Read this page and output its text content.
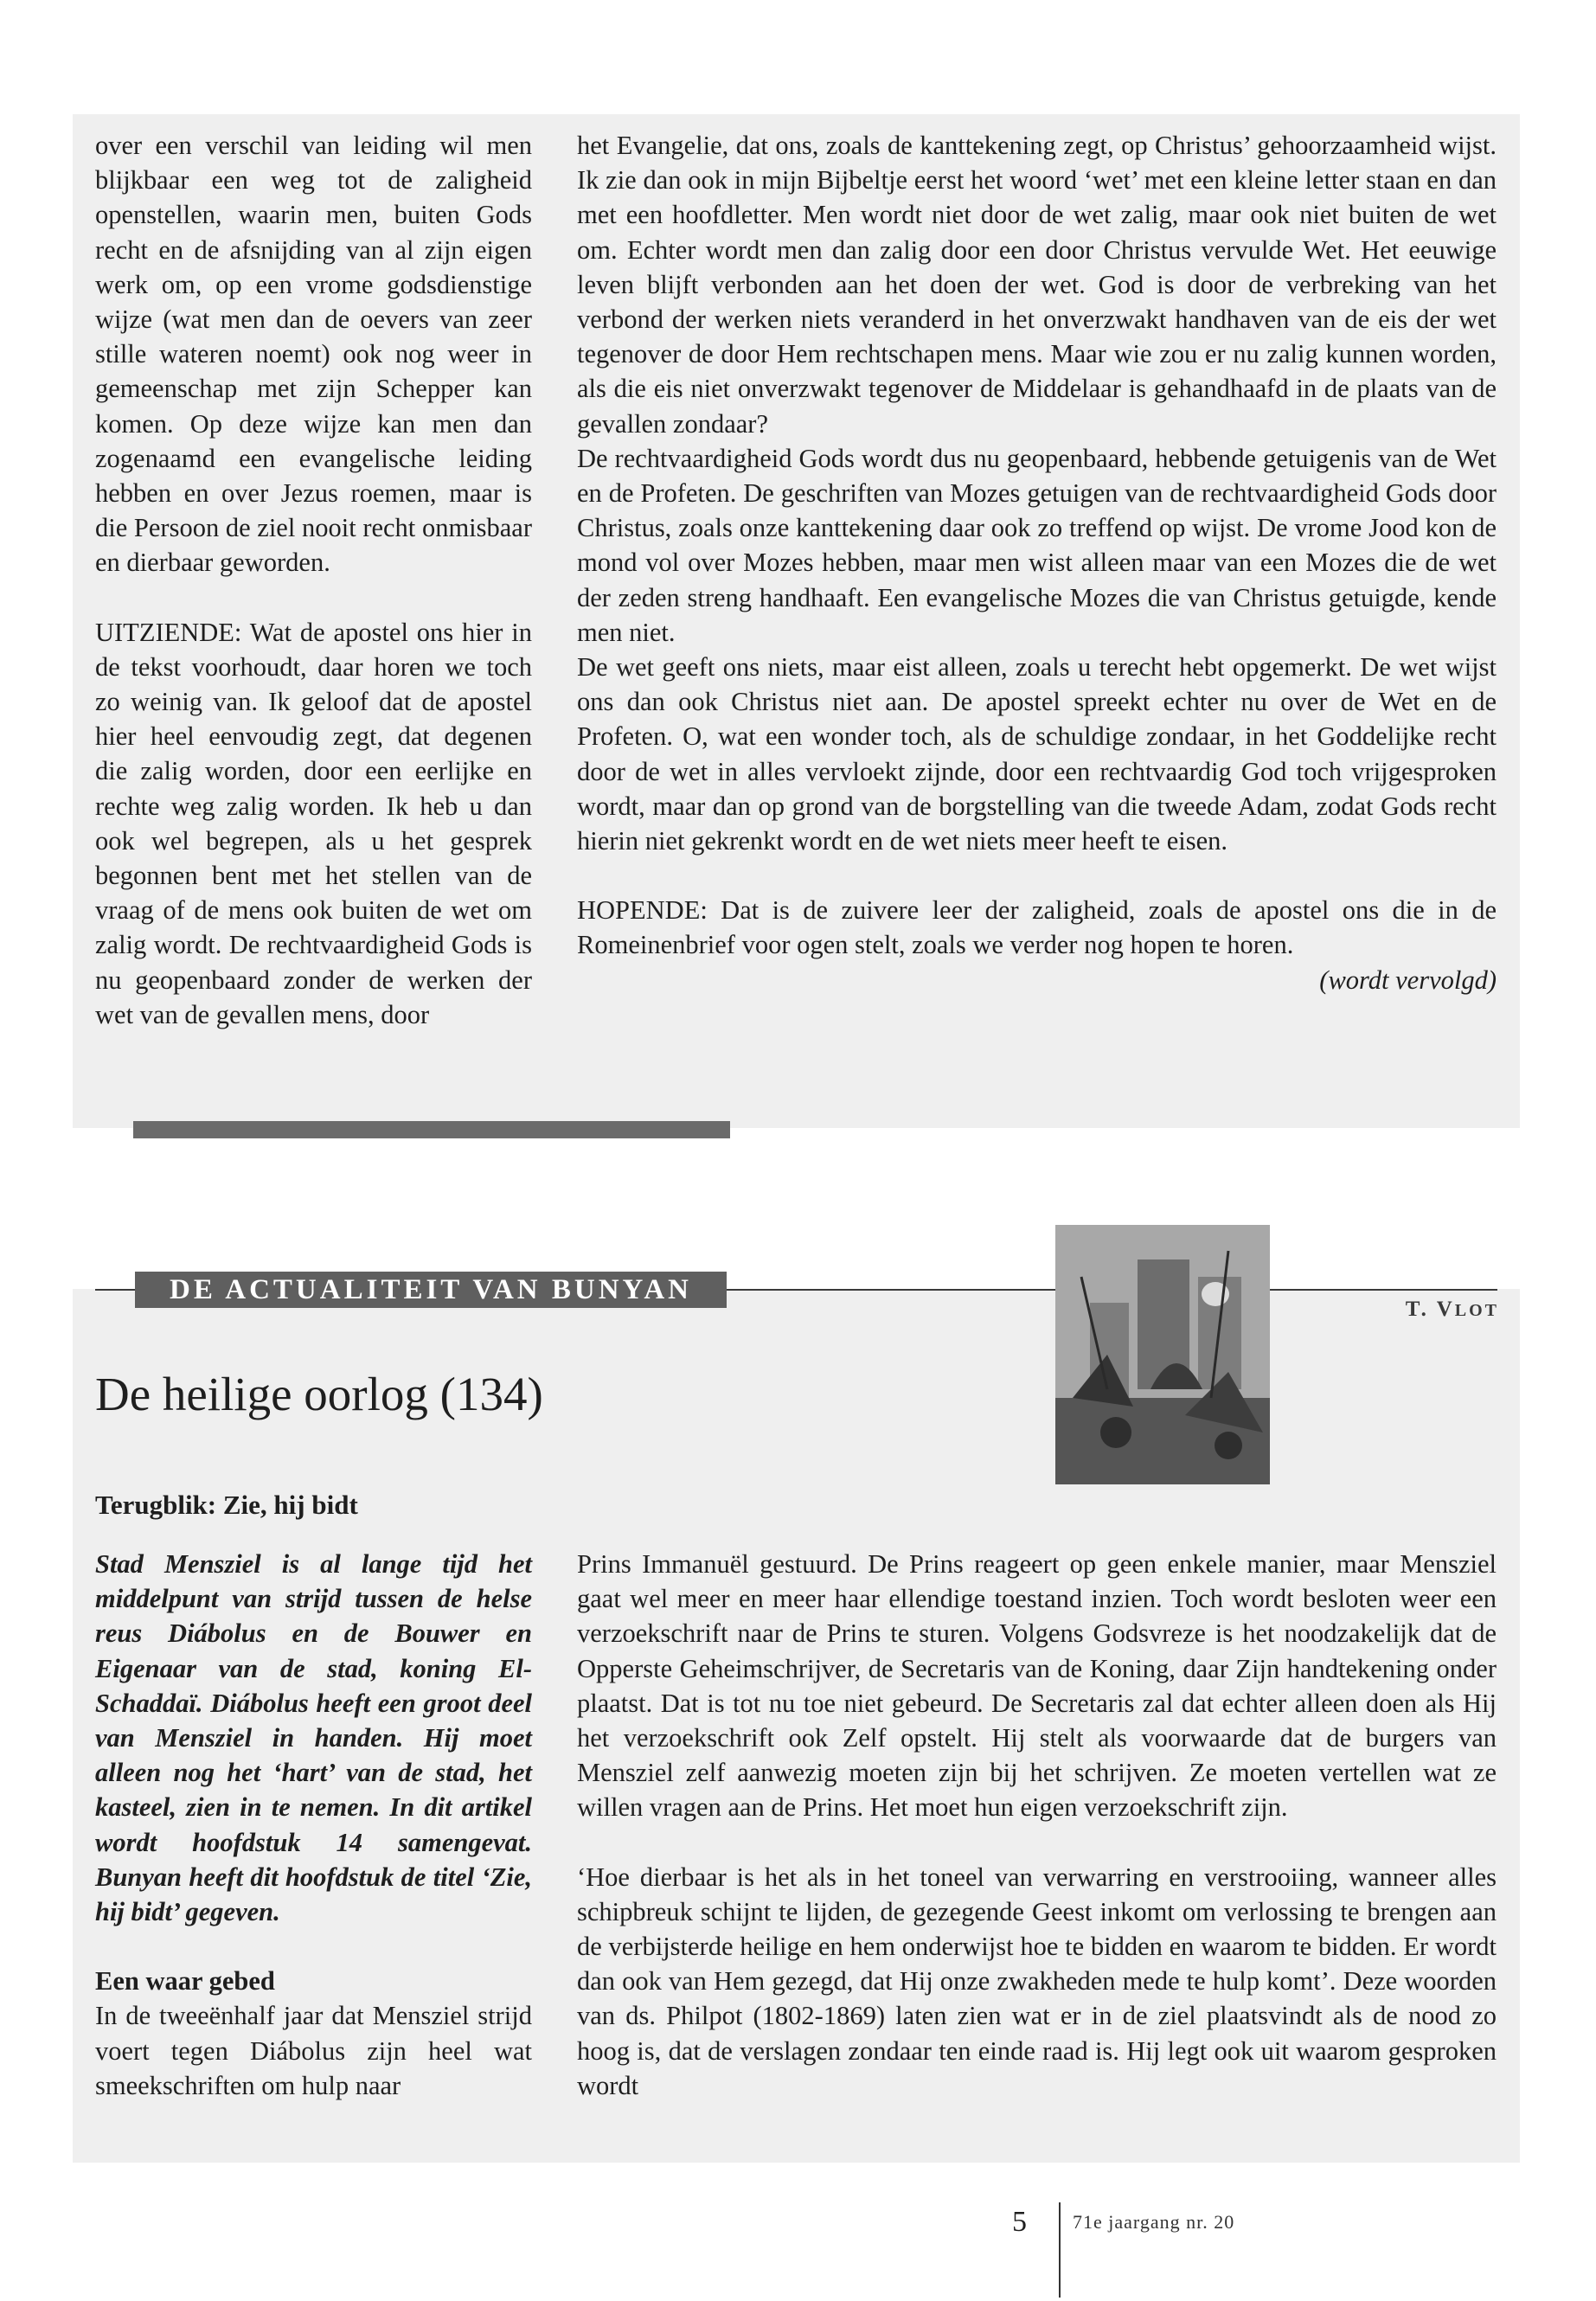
over een verschil van leiding wil men blijkbaar een weg tot de zaligheid openstellen, waarin men, buiten Gods recht en de afsnijding van al zijn eigen werk om, op een vrome godsdienstige wijze (wat men dan de oevers van zeer stille wateren noemt) ook nog weer in gemeenschap met zijn Schepper kan komen. Op deze wijze kan men dan zogenaamd een evangelische leiding hebben en over Jezus roemen, maar is die Persoon de ziel nooit recht onmisbaar en dierbaar geworden.

UITZIENDE: Wat de apostel ons hier in de tekst voorhoudt, daar horen we toch zo weinig van. Ik geloof dat de apostel hier heel eenvoudig zegt, dat degenen die zalig worden, door een eerlijke en rechte weg zalig worden. Ik heb u dan ook wel begrepen, als u het gesprek begonnen bent met het stellen van de vraag of de mens ook buiten de wet om zalig wordt. De rechtvaardigheid Gods is nu geopenbaard zonder de werken der wet van de gevallen mens, door

het Evangelie, dat ons, zoals de kanttekening zegt, op Christus’ gehoorzaamheid wijst. Ik zie dan ook in mijn Bijbeltje eerst het woord ‘wet’ met een kleine letter staan en dan met een hoofdletter. Men wordt niet door de wet zalig, maar ook niet buiten de wet om. Echter wordt men dan zalig door een door Christus vervulde Wet. Het eeuwige leven blijft verbonden aan het doen der wet. God is door de verbreking van het verbond der werken niets veranderd in het onverzwakt handhaven van de eis der wet tegenover de door Hem rechtschapen mens. Maar wie zou er nu zalig kunnen worden, als die eis niet onverzwakt tegenover de Middelaar is gehandhaafd in de plaats van de gevallen zondaar?

De rechtvaardigheid Gods wordt dus nu geopenbaard, hebbende getuigenis van de Wet en de Profeten. De geschriften van Mozes getuigen van de rechtvaardigheid Gods door Christus, zoals onze kanttekening daar ook zo treffend op wijst. De vrome Jood kon de mond vol over Mozes hebben, maar men wist alleen maar van een Mozes die de wet der zeden streng handhaaft. Een evangelische Mozes die van Christus getuigde, kende men niet.

De wet geeft ons niets, maar eist alleen, zoals u terecht hebt opgemerkt. De wet wijst ons dan ook Christus niet aan. De apostel spreekt echter nu over de Wet en de Profeten. O, wat een wonder toch, als de schuldige zondaar, in het Goddelijke recht door de wet in alles vervloekt zijnde, door een rechtvaardig God toch vrijgesproken wordt, maar dan op grond van de borgstelling van die tweede Adam, zodat Gods recht hierin niet gekrenkt wordt en de wet niets meer heeft te eisen.

HOPENDE: Dat is de zuivere leer der zaligheid, zoals de apostel ons die in de Romeinenbrief voor ogen stelt, zoals we verder nog hopen te horen.

(wordt vervolgd)

DE ACTUALITEIT VAN BUNYAN
T. VLOT
De heilige oorlog (134)
Terugblik: Zie, hij bidt

Stad Mensziel is al lange tijd het middelpunt van strijd tussen de helse reus Diábolus en de Bouwer en Eigenaar van de stad, koning El-Schaddaï. Diábolus heeft een groot deel van Mensziel in handen. Hij moet alleen nog het ‘hart’ van de stad, het kasteel, zien in te nemen. In dit artikel wordt hoofdstuk 14 samengevat. Bunyan heeft dit hoofdstuk de titel ‘Zie, hij bidt’ gegeven.

Een waar gebed

In de tweeënhalf jaar dat Mensziel strijd voert tegen Diábolus zijn heel wat smeekschriften om hulp naar

Prins Immanuël gestuurd. De Prins reageert op geen enkele manier, maar Mensziel gaat wel meer en meer haar ellendige toestand inzien. Toch wordt besloten weer een verzoekschrift naar de Prins te sturen. Volgens Godsvreze is het noodzakelijk dat de Opperste Geheimschrijver, de Secretaris van de Koning, daar Zijn handtekening onder plaatst. Dat is tot nu toe niet gebeurd. De Secretaris zal dat echter alleen doen als Hij het verzoekschrift ook Zelf opstelt. Hij stelt als voorwaarde dat de burgers van Mensziel zelf aanwezig moeten zijn bij het schrijven. Ze moeten vertellen wat ze willen vragen aan de Prins. Het moet hun eigen verzoekschrift zijn.

‘Hoe dierbaar is het als in het toneel van verwarring en verstrooiing, wanneer alles schipbreuk schijnt te lijden, de gezegende Geest inkomt om verlossing te brengen aan de verbijsterde heilige en hem onderwijst hoe te bidden en waarom te bidden. Er wordt dan ook van Hem gezegd, dat Hij onze zwakheden mede te hulp komt’. Deze woorden van ds. Philpot (1802-1869) laten zien wat er in de ziel plaatsvindt als de nood zo hoog is, dat de verslagen zondaar ten einde raad is. Hij legt ook uit waarom gesproken wordt

5 71e jaargang nr. 20
